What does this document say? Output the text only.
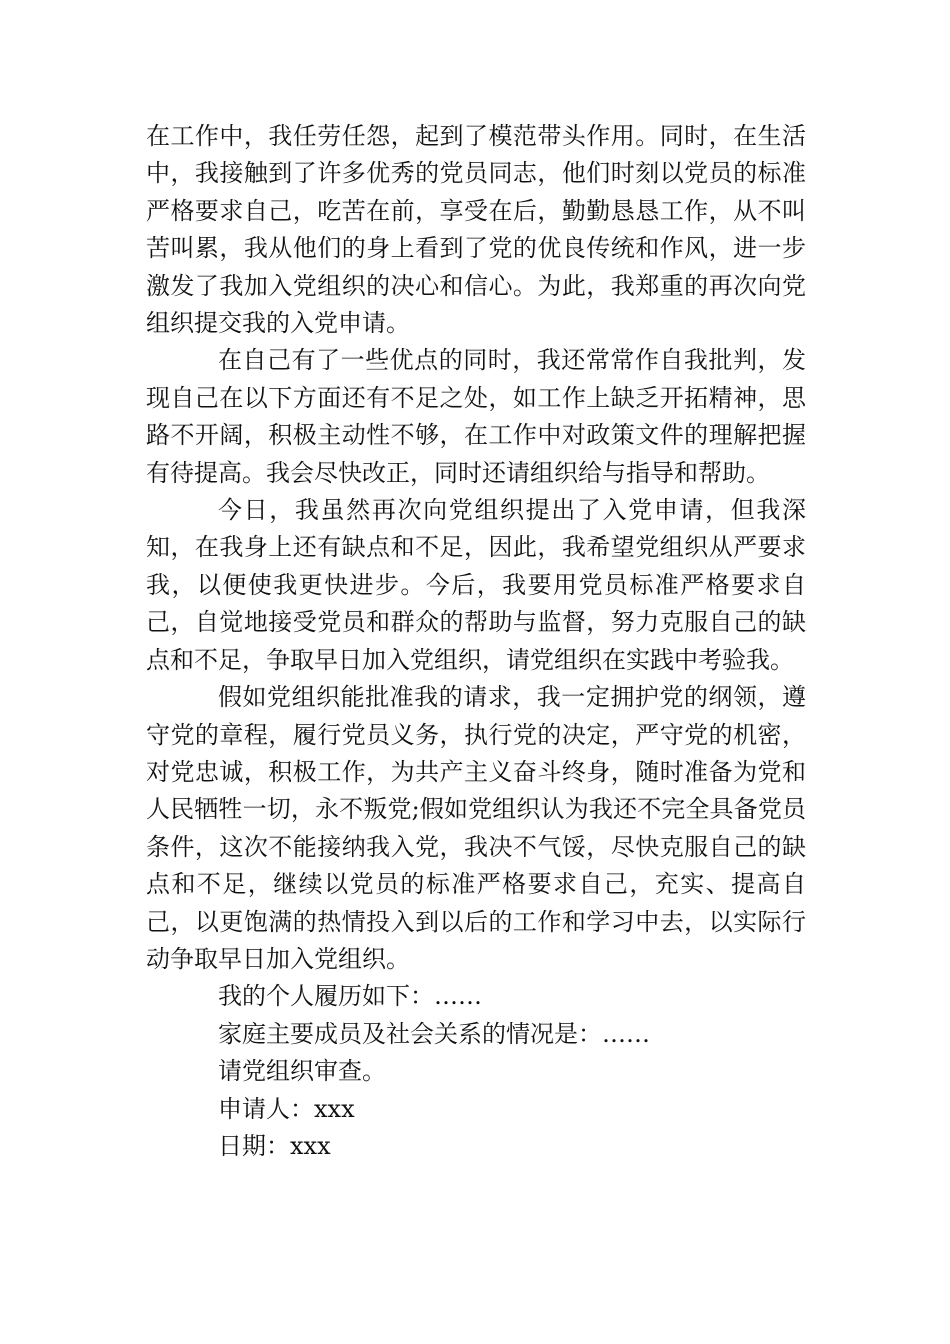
在工作中，我任劳任怨，起到了模范带头作用。同时，在生活中，我接触到了许多优秀的党员同志，他们时刻以党员的标准严格要求自己，吃苦在前，享受在后，勤勤恳恳工作，从不叫苦叫累，我从他们的身上看到了党的优良传统和作风，进一步激发了我加入党组织的决心和信心。为此，我郑重的再次向党组织提交我的入党申请。

在自己有了一些优点的同时，我还常常作自我批判，发现自己在以下方面还有不足之处，如工作上缺乏开拓精神，思路不开阔，积极主动性不够，在工作中对政策文件的理解把握有待提高。我会尽快改正，同时还请组织给与指导和帮助。

今日，我虽然再次向党组织提出了入党申请，但我深知，在我身上还有缺点和不足，因此，我希望党组织从严要求我，以便使我更快进步。今后，我要用党员标准严格要求自己，自觉地接受党员和群众的帮助与监督，努力克服自己的缺点和不足，争取早日加入党组织，请党组织在实践中考验我。

假如党组织能批准我的请求，我一定拥护党的纲领，遵守党的章程，履行党员义务，执行党的决定，严守党的机密，对党忠诚，积极工作，为共产主义奋斗终身，随时准备为党和人民牺牲一切，永不叛党;假如党组织认为我还不完全具备党员条件，这次不能接纳我入党，我决不气馁，尽快克服自己的缺点和不足，继续以党员的标准严格要求自己，充实、提高自己，以更饱满的热情投入到以后的工作和学习中去，以实际行动争取早日加入党组织。

我的个人履历如下：……

家庭主要成员及社会关系的情况是：……

请党组织审查。

申请人：xxx

日期：xxx
